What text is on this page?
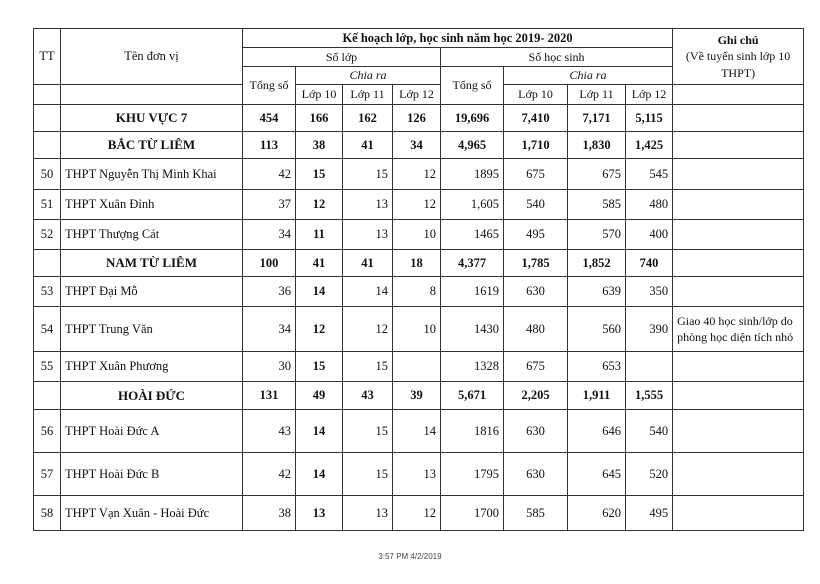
TT	Tên đơn vị	Kế hoạch lớp, học sinh năm học 2019- 2020								Ghi chú
(Về tuyển sinh lớp 10 THPT)
		Số lớp				Số học sinh				
		Tổng số	Chia ra			Tổng số	Chia ra			
			Lớp 10	Lớp 11	Lớp 12		Lớp 10	Lớp 11	Lớp 12	
	KHU VỰC 7	454	166	162	126	19,696	7,410	7,171	5,115	
	BẮC TỪ LIÊM	113	38	41	34	4,965	1,710	1,830	1,425	
50	THPT Nguyễn Thị Minh Khai	42	15	15	12	1895	675	675	545	
51	THPT Xuân Đỉnh	37	12	13	12	1,605	540	585	480	
52	THPT Thượng Cát	34	11	13	10	1465	495	570	400	
	NAM TỪ LIÊM	100	41	41	18	4,377	1,785	1,852	740	
53	THPT Đại Mỗ	36	14	14	8	1619	630	639	350	
54	THPT Trung Văn	34	12	12	10	1430	480	560	390	Giao 40 học sinh/lớp do phòng học diện tích nhỏ
55	THPT Xuân Phương	30	15	15		1328	675	653		
	HOÀI ĐỨC	131	49	43	39	5,671	2,205	1,911	1,555	
56	THPT Hoài Đức A	43	14	15	14	1816	630	646	540	
57	THPT Hoài Đức B	42	14	15	13	1795	630	645	520	
58	THPT Vạn Xuân - Hoài Đức	38	13	13	12	1700	585	620	495	
3:57 PM 4/2/2019
